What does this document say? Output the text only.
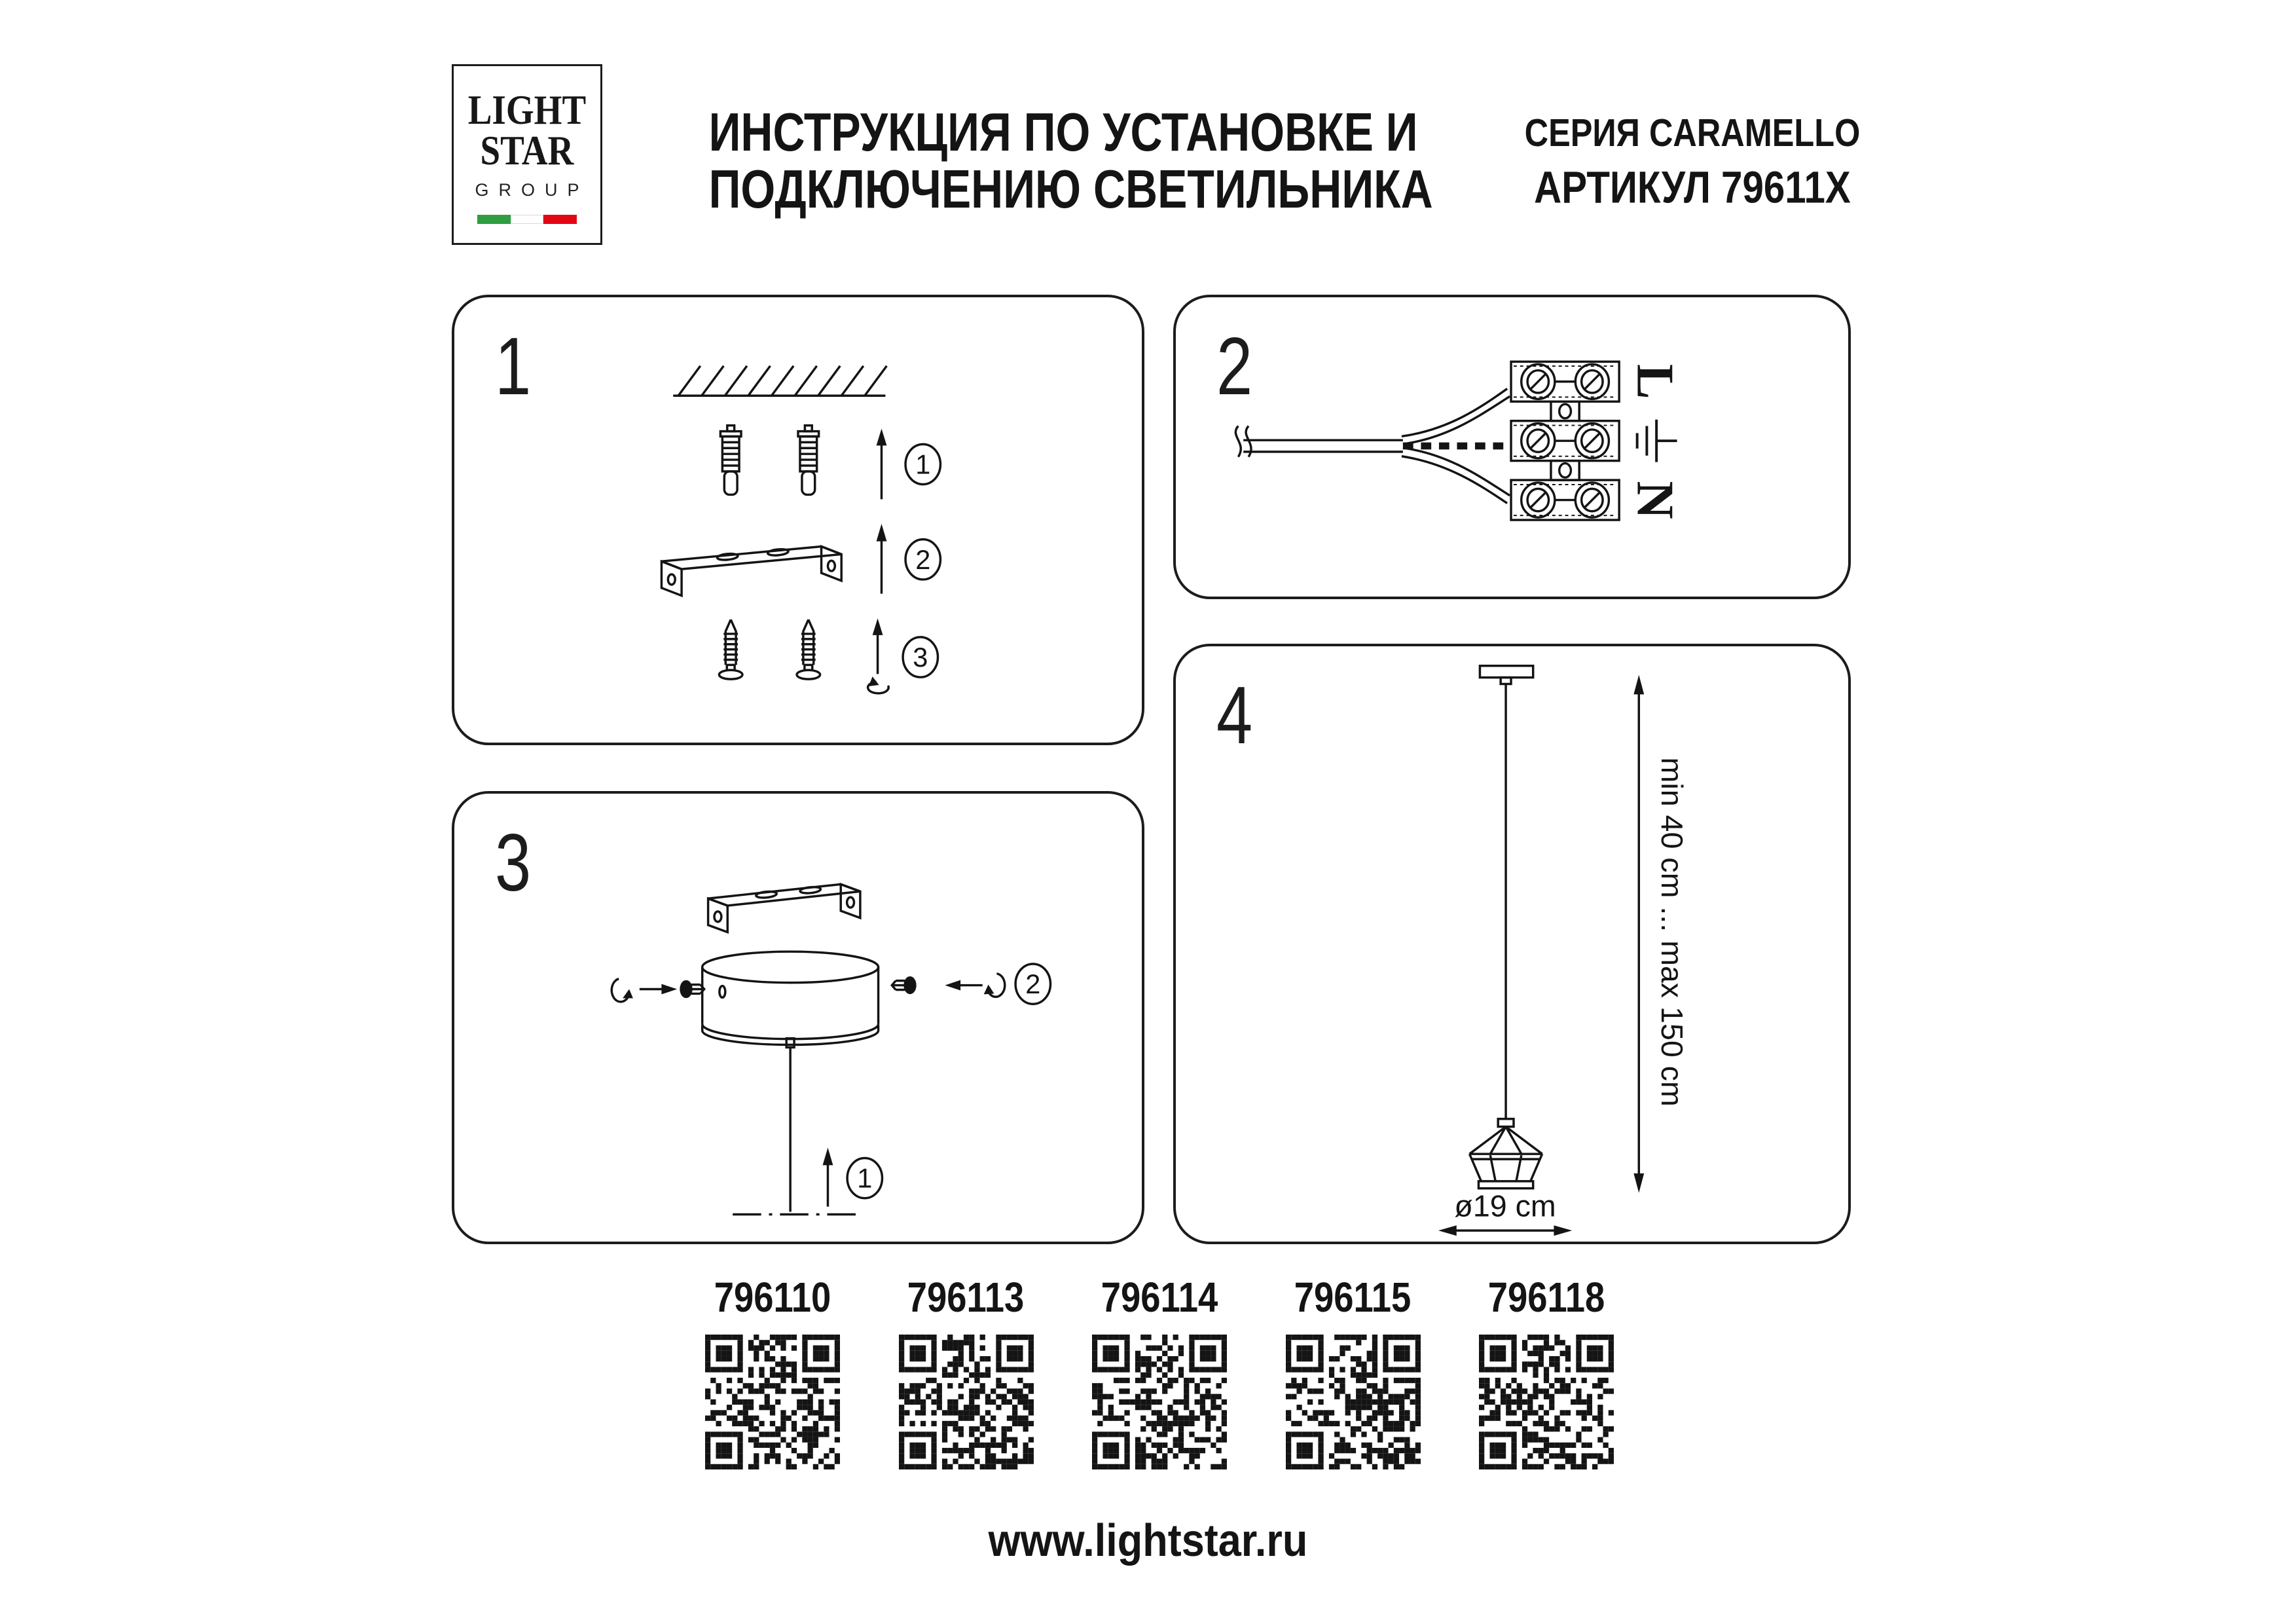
LIGHT
STAR
GROUP
ИНСТРУКЦИЯ ПО УСТАНОВКЕ И
ПОДКЛЮЧЕНИЮ СВЕТИЛЬНИКА
СЕРИЯ CARAMELLO
АРТИКУЛ 79611X
1
1
2
3
2	L
N
3
2
1
4
min 40 cm ... max 150 cm
ø19 cm
796110 796113 796114 796115 796118
www.lightstar.ru
